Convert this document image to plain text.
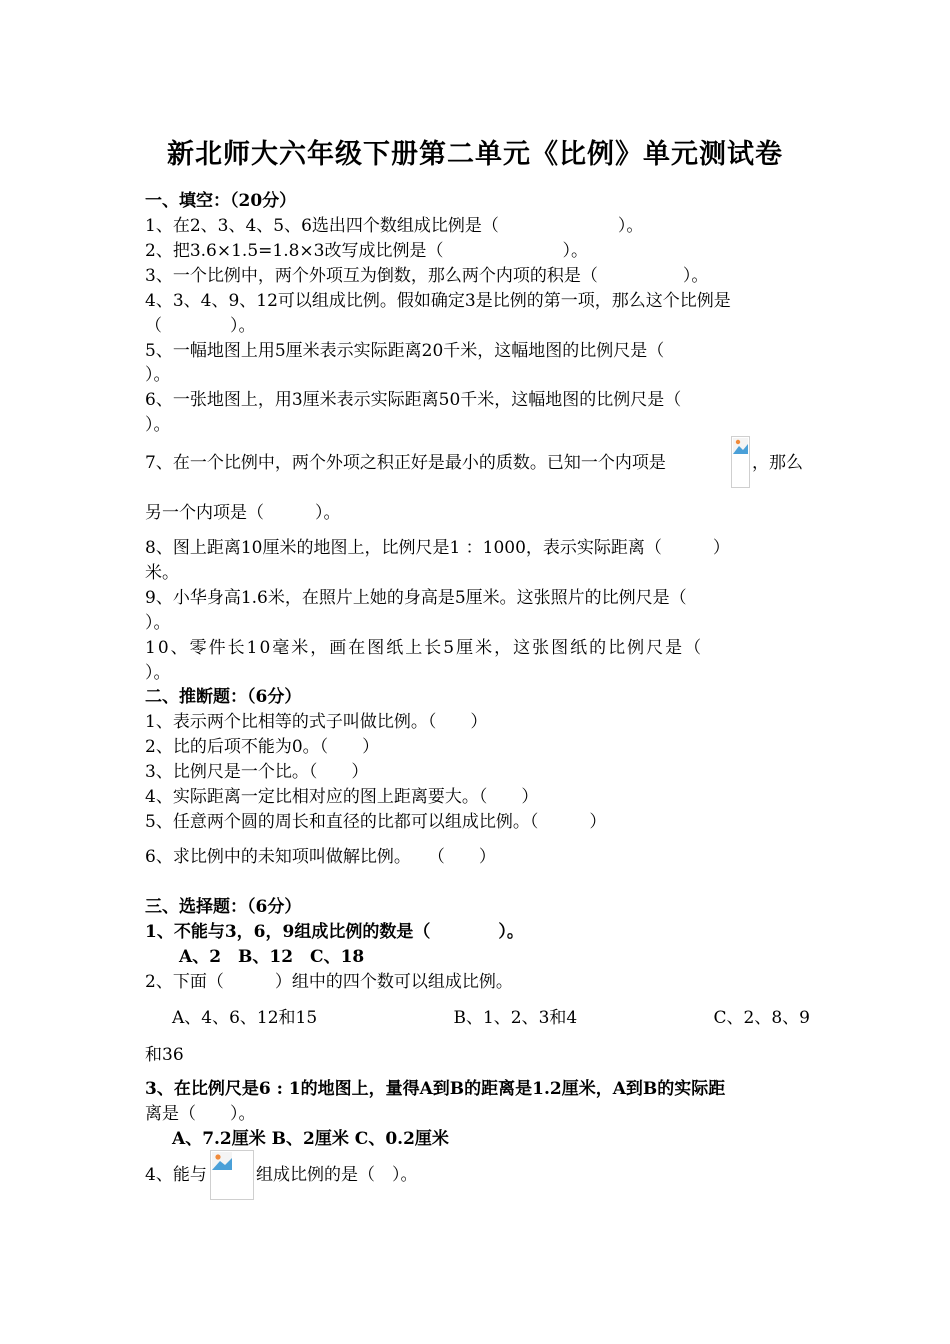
新北师大六年级下册第二单元《比例》单元测试卷
一、填空：（20分）
1、在2、3、4、5、6选出四个数组成比例是（　　　　　　　）。
2、把3.6×1.5=1.8×3改写成比例是（　　　　　　　）。
3、一个比例中，两个外项互为倒数，那么两个内项的积是（　　　　　）。
4、3、4、9、12可以组成比例。假如确定3是比例的第一项，那么这个比例是
（　　　　）。
5、一幅地图上用5厘米表示实际距离20千米，这幅地图的比例尺是（
）。
6、一张地图上，用3厘米表示实际距离50千米，这幅地图的比例尺是（
）。
7、在一个比例中，两个外项之积正好是最小的质数。已知一个内项是	，那么
另一个内项是（　　　）。
8、图上距离10厘米的地图上，比例尺是1 ：1000，表示实际距离（　　　）
米。
9、小华身高1.6米，在照片上她的身高是5厘米。这张照片的比例尺是（
）。
10、零件长10毫米，画在图纸上长5厘米，这张图纸的比例尺是（
）。
二、推断题：（6分）
1、表示两个比相等的式子叫做比例。（　　）
2、比的后项不能为0。（　　）
3、比例尺是一个比。（　　）
4、实际距离一定比相对应的图上距离要大。（　　）
5、任意两个圆的周长和直径的比都可以组成比例。（　　　）
6、求比例中的未知项叫做解比例。　　（　　）
三、选择题：（6分）
1、不能与3，6，9组成比例的数是（　　　　）。
　　A、2　B、12　C、18
2、下面（　　　）组中的四个数可以组成比例。
A、4、6、12和15	B、1、2、3和4	C、2、8、9
和36
3、在比例尺是6 : 1的地图上，量得A到B的距离是1.2厘米，A到B的实际距
离是（　　）。
A、7.2厘米 B、2厘米 C、0.2厘米
4、能与	组成比例的是（　）。
